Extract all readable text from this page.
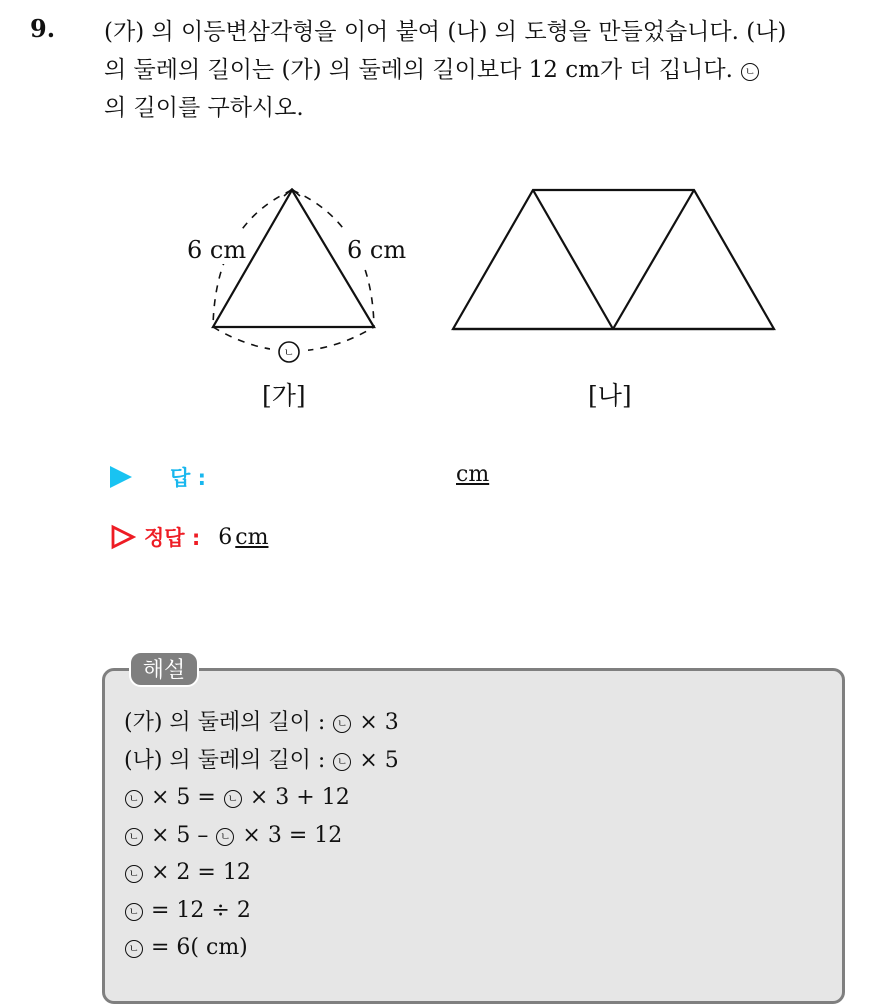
9. (가) 의 이등변삼각형을 이어 붙여 (나) 의 도형을 만들었습니다. (나)
의 둘레의 길이는 (가) 의 둘레의 길이보다 12 cm가 더 깁니다. ㄴ
의 길이를 구하시오.
6 cm	6 cm
ㄴ
[가]	[나]
답 :	cm
정답 : 6 cm
해설
(가) 의 둘레의 길이 : ㄴ × 3
(나) 의 둘레의 길이 : ㄴ × 5
ㄴ × 5 = ㄴ × 3 + 12
ㄴ × 5 – ㄴ × 3 = 12
ㄴ × 2 = 12
ㄴ = 12 ÷ 2
ㄴ = 6( cm)
